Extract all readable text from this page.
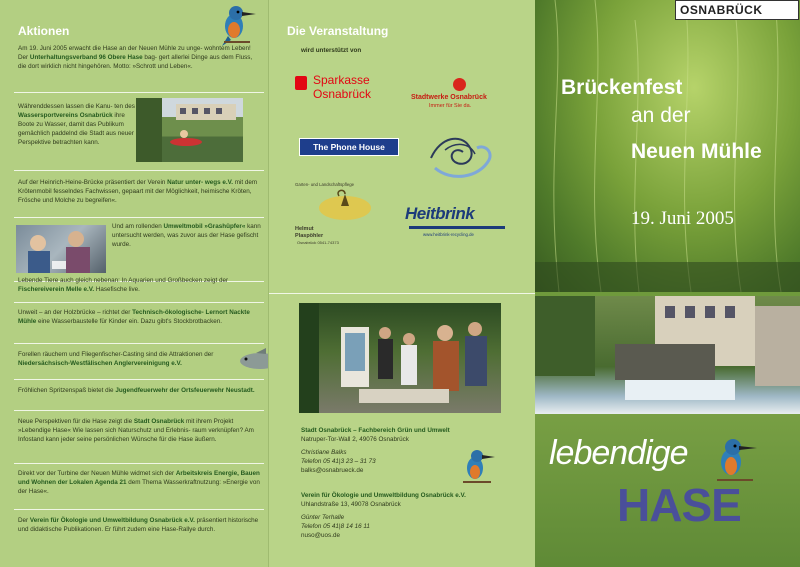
Aktionen
Am 19. Juni 2005 erwacht die Hase an der Neuen Mühle zu unge- wohntem Leben! Der Unterhaltungsverband 96 Obere Hase bag- gert allerlei Dinge aus dem Fluss, die dort wirklich nicht hingehören. Motto: »Schrott und Leben«.
Währenddessen lassen die Kanu- ten des Wassersportvereins Osnabrück ihre Boote zu Wasser, damit das Publikum gemächlich paddelnd die Stadt aus neuer Perspektive betrachten kann.
Auf der Heinrich-Heine-Brücke präsentiert der Verein Natur unter- wegs e.V. mit dem Krötenmobil fesselndes Fachwissen, gepaart mit der Möglichkeit, heimische Kröten, Frösche und Molche zu begreifen«.
Und am rollenden Umweltmobil »Grashüpfer« kann untersucht werden, was zuvor aus der Hase gefischt wurde.
Lebende Tiere auch gleich nebenan: In Aquarien und Großbecken zeigt der Fischereiverein Melle e.V. Hasefische live.
Unweit – an der Holzbrücke – richtet der Technisch-ökologische- Lernort Nackte Mühle eine Wasserbaustelle für Kinder ein. Dazu gibt's Stockbrotbacken.
Forellen räuchern und Fliegenfischer-Casting sind die Attraktionen der Niedersächsisch-Westfälischen Anglervereinigung e.V.
Fröhlichen Spritzenspaß bietet die Jugendfeuerwehr der Ortsfeuerwehr Neustadt.
Neue Perspektiven für die Hase zeigt die Stadt Osnabrück mit ihrem Projekt »Lebendige Hase« Wie lassen sich Naturschutz und Erlebnis- raum verknüpfen? Am Infostand kann jeder seine persönlichen Wünsche für die Hase äußern.
Direkt vor der Turbine der Neuen Mühle widmet sich der Arbeitskreis Energie, Bauen und Wohnen der Lokalen Agenda 21 dem Thema Wasserkraftnutzung: »Energie von der Hase«.
Der Verein für Ökologie und Umweltbildung Osnabrück e.V. präsentiert historische und didaktische Publikationen. Er führt zudem eine Hase-Rallye durch.
Die Veranstaltung
wird unterstützt von
Sparkasse
Osnabrück	Stadtwerke Osnabrück
Immer für Sie da.
The Phone House
Garten- und Landschaftspflege
Helmut
Plaspöhler
Osnabrück 0541-74373
Heitbrink
www.heitbrink-recycling.de
Stadt Osnabrück – Fachbereich Grün und Umwelt
Natruper-Tor-Wall 2, 49076 Osnabrück
Christiane Balks
Telefon 05 41|3 23 – 31 73
balks@osnabrueck.de
Verein für Ökologie und Umweltbildung Osnabrück e.V.
Uhlandstraße 13, 49078 Osnabrück
Günter Terhalle
Telefon 05 41|8 14 16 11
nuso@uos.de
OSNABRÜCK
Brückenfest
an der
Neuen Mühle
19. Juni 2005
lebendige
HASE
